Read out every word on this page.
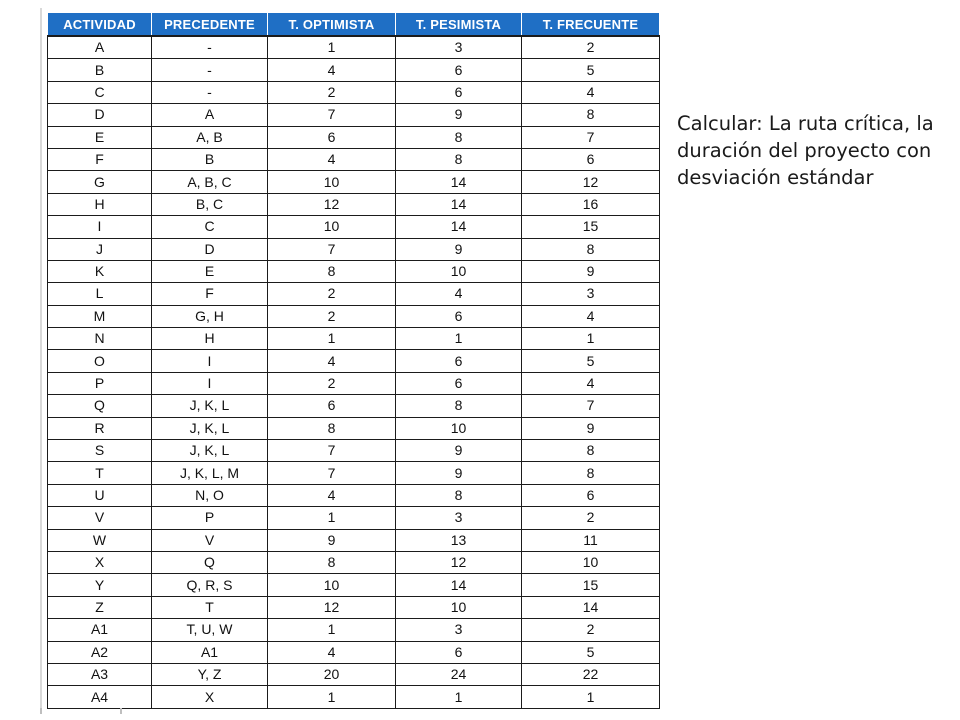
ACTIVIDAD	PRECEDENTE	T. OPTIMISTA	T. PESIMISTA	T. FRECUENTE
A	-	1	3	2
B	-	4	6	5
C	-	2	6	4
D	A	7	9	8
E	A, B	6	8	7
F	B	4	8	6
G	A, B, C	10	14	12
H	B, C	12	14	16
I	C	10	14	15
J	D	7	9	8
K	E	8	10	9
L	F	2	4	3
M	G, H	2	6	4
N	H	1	1	1
O	I	4	6	5
P	I	2	6	4
Q	J, K, L	6	8	7
R	J, K, L	8	10	9
S	J, K, L	7	9	8
T	J, K, L, M	7	9	8
U	N, O	4	8	6
V	P	1	3	2
W	V	9	13	11
X	Q	8	12	10
Y	Q, R, S	10	14	15
Z	T	12	10	14
A1	T, U, W	1	3	2
A2	A1	4	6	5
A3	Y, Z	20	24	22
A4	X	1	1	1
Calcular: La ruta crítica, la
duración del proyecto con
desviación estándar
